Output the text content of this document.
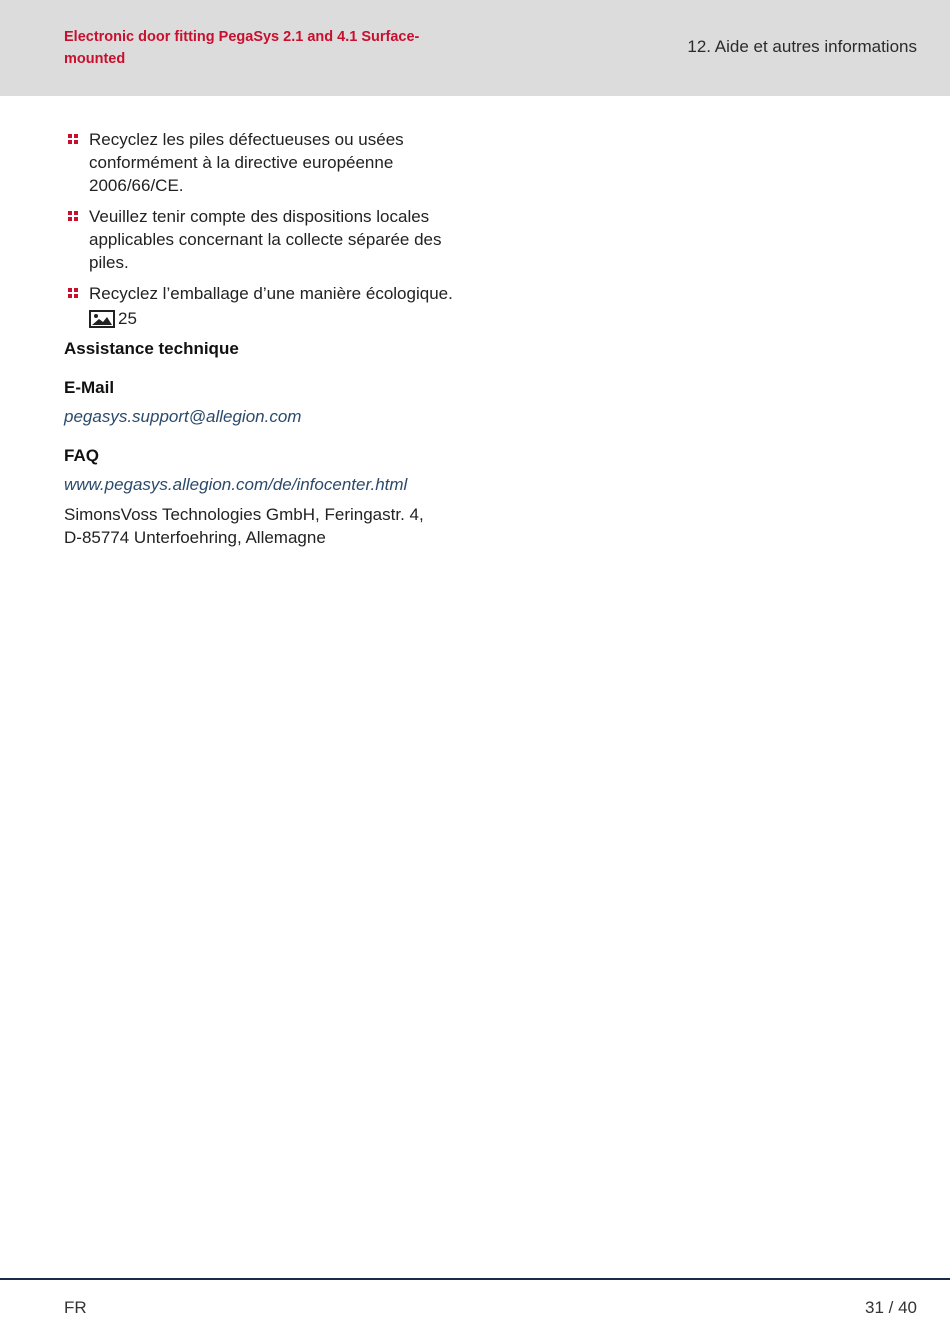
Electronic door fitting PegaSys 2.1 and 4.1 Surface-mounted
12. Aide et autres informations
Recyclez les piles défectueuses ou usées conformément à la directive européenne 2006/66/CE.
Veuillez tenir compte des dispositions locales applicables concernant la collecte séparée des piles.
Recyclez l’emballage d’une manière écologique.
25
Assistance technique
E-Mail
pegasys.support@allegion.com
FAQ
www.pegasys.allegion.com/de/infocenter.html
SimonsVoss Technologies GmbH, Feringastr. 4,
D-85774 Unterfoehring, Allemagne
FR	31 / 40
